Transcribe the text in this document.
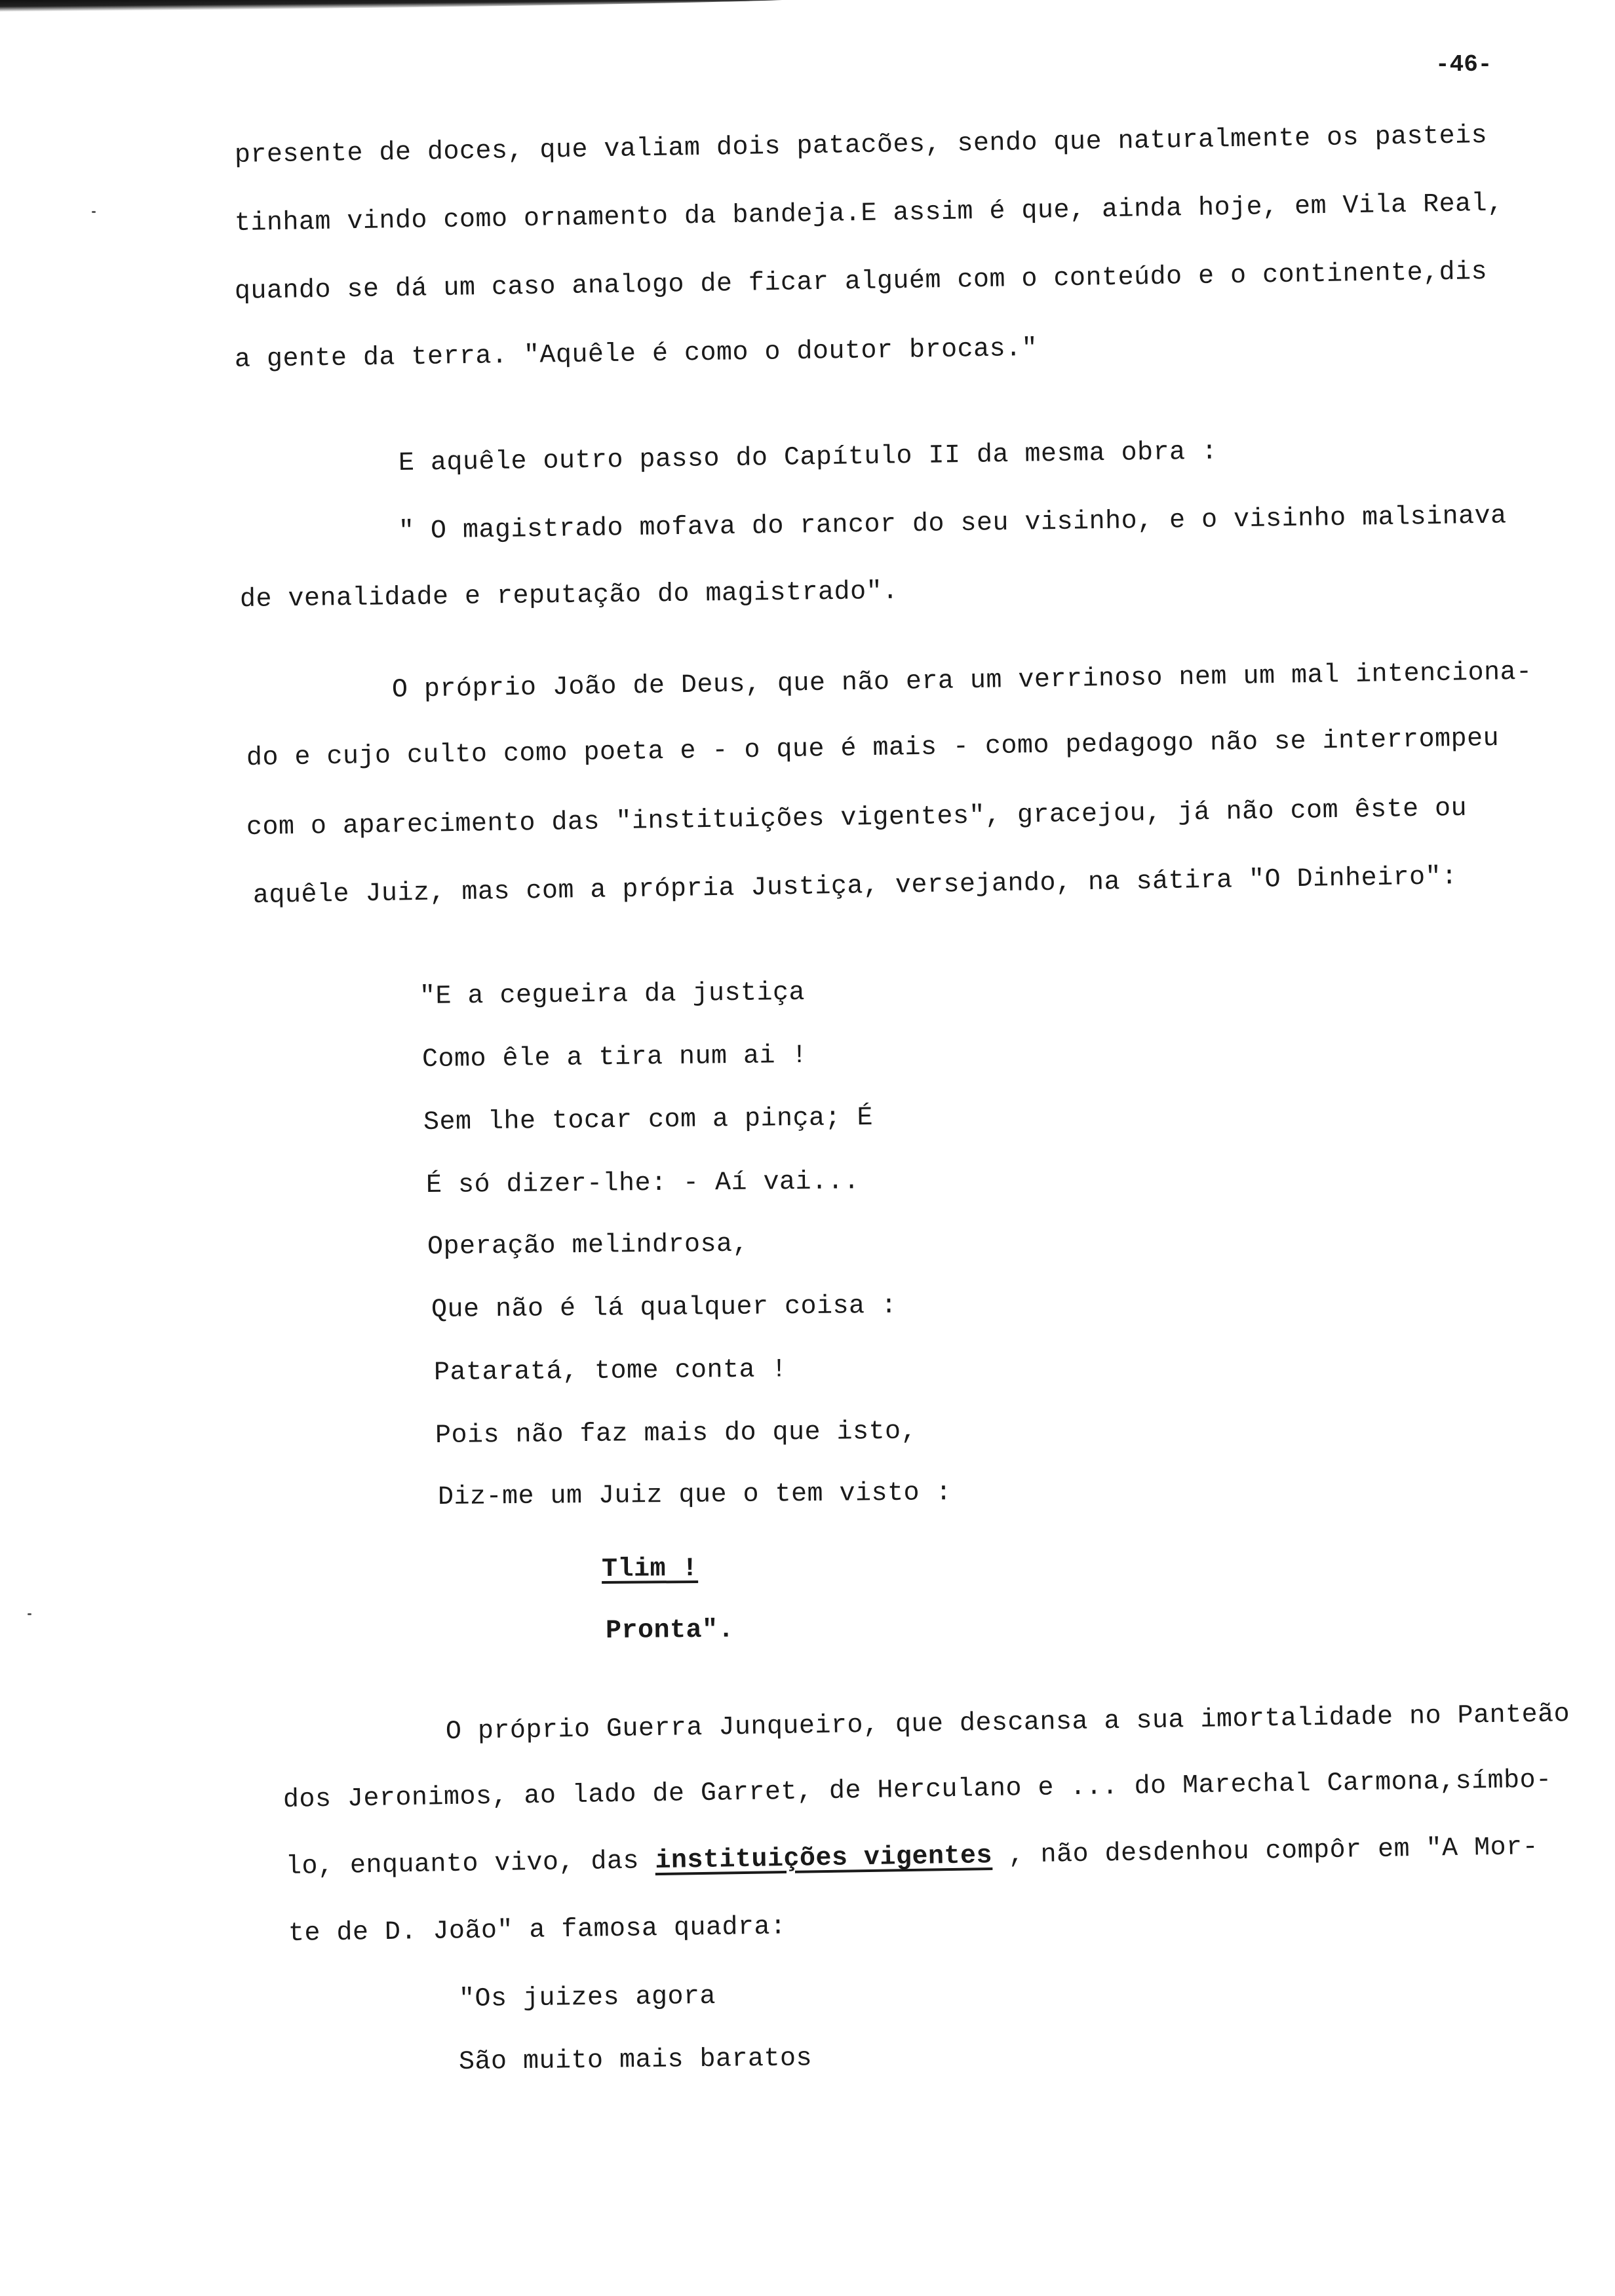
-46-
presente de doces, que valiam dois patacões, sendo que naturalmente os pasteis
tinham vindo como ornamento da bandeja.E assim é que, ainda hoje, em Vila Real,
quando se dá um caso analogo de ficar alguém com o conteúdo e o continente,dis
a gente da terra. "Aquêle é como o doutor brocas."
E aquêle outro passo do Capítulo II da mesma obra :
" O magistrado mofava do rancor do seu visinho, e o visinho malsinava
de venalidade e reputação do magistrado".
O próprio João de Deus, que não era um verrinoso nem um mal intenciona-
do e cujo culto como poeta e - o que é mais - como pedagogo não se interrompeu
com o aparecimento das "instituições vigentes", gracejou, já não com êste ou
aquêle Juiz, mas com a própria Justiça, versejando, na sátira "O Dinheiro":
"E a cegueira da justiça
Como êle a tira num ai !
Sem lhe tocar com a pinça; É
É só dizer-lhe: - Aí vai...
Operação melindrosa,
Que não é lá qualquer coisa :
Pataratá, tome conta !
Pois não faz mais do que isto,
Diz-me um Juiz que o tem visto :
Tlim !
Pronta".
O próprio Guerra Junqueiro, que descansa a sua imortalidade no Panteão
dos Jeronimos, ao lado de Garret, de Herculano e ... do Marechal Carmona,símbo-
lo, enquanto vivo, das instituições vigentes , não desdenhou compôr em "A Mor-
te de D. João" a famosa quadra:
"Os juizes agora
São muito mais baratos
